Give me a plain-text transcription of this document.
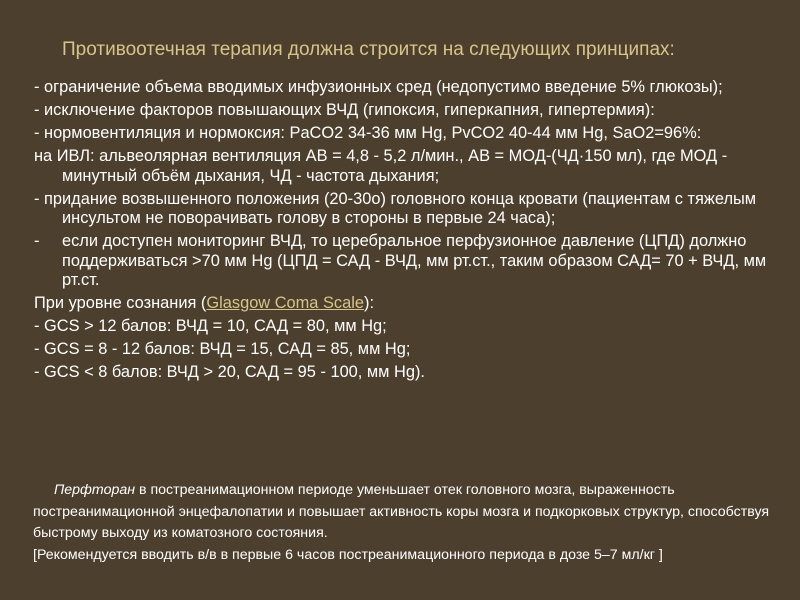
Противоотечная терапия должна строится на следующих принципах:
- ограничение объема вводимых инфузионных сред (недопустимо введение 5% глюкозы);
- исключение факторов повышающих ВЧД (гипоксия, гиперкапния, гипертермия):
- нормовентиляция и нормоксия: PaCO2 34-36 мм Hg, PvCO2 40-44 мм Hg, SaO2=96%:
на ИВЛ: альвеолярная вентиляция АВ = 4,8 - 5,2 л/мин., АВ = МОД-(ЧД·150 мл), где МОД - минутный объём дыхания, ЧД - частота дыхания;
- придание возвышенного положения (20-30о) головного конца кровати (пациентам с тяжелым инсультом не поворачивать голову в стороны в первые 24 часа);
- если доступен мониторинг ВЧД, то церебральное перфузионное давление (ЦПД) должно поддерживаться >70 мм Hg (ЦПД = САД - ВЧД, мм рт.ст., таким образом САД= 70 + ВЧД, мм рт.ст.
При уровне сознания (Glasgow Coma Scale):
- GCS > 12 балов: ВЧД = 10, САД = 80, мм Hg;
- GCS = 8 - 12 балов: ВЧД = 15, САД = 85, мм Hg;
- GCS < 8 балов: ВЧД > 20, САД = 95 - 100, мм Hg).
Перфторан в постреанимационном периоде уменьшает отек головного мозга, выраженность постреанимационной энцефалопатии и повышает активность коры мозга и подкорковых структур, способствуя быстрому выходу из коматозного состояния.
[Рекомендуется вводить в/в в первые 6 часов постреанимационного периода в дозе 5–7 мл/кг ]
